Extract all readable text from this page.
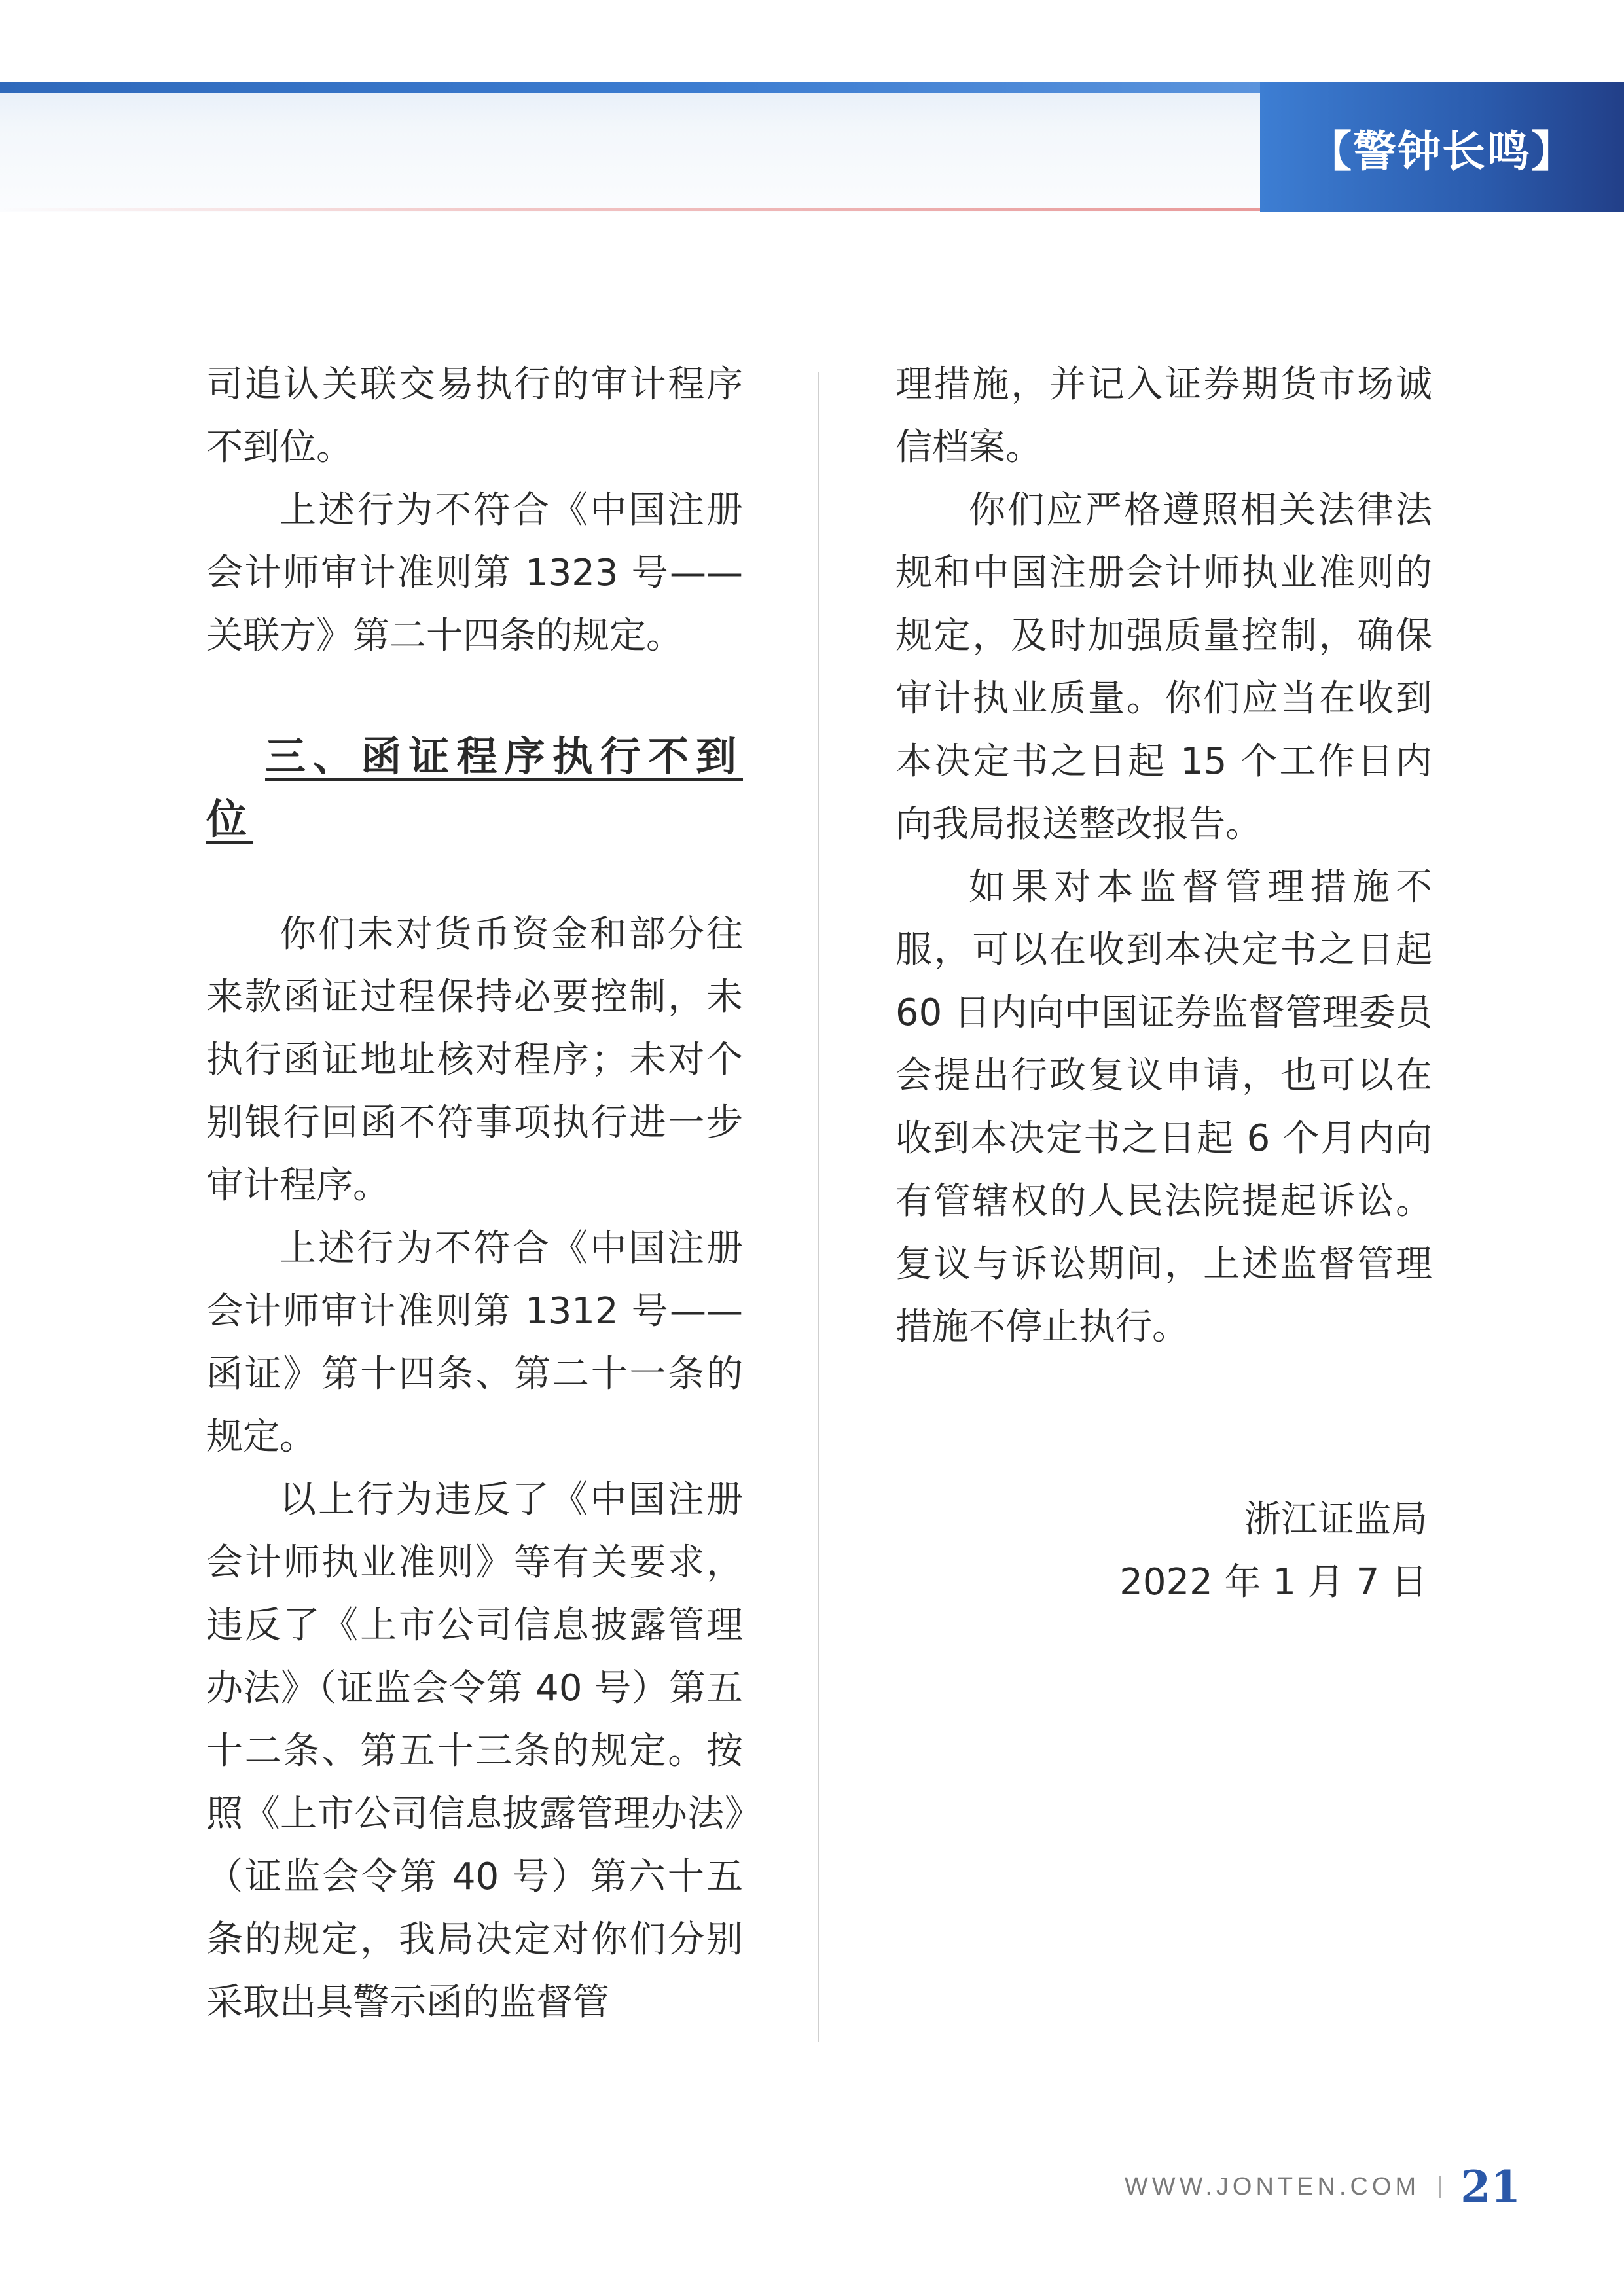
【警钟长鸣】

司追认关联交易执行的审计程序不到位。

上述行为不符合《中国注册会计师审计准则第 1323 号——关联方》第二十四条的规定。

三、函证程序执行不到位

你们未对货币资金和部分往来款函证过程保持必要控制，未执行函证地址核对程序；未对个别银行回函不符事项执行进一步审计程序。

上述行为不符合《中国注册会计师审计准则第 1312 号——函证》第十四条、第二十一条的规定。

以上行为违反了《中国注册会计师执业准则》等有关要求，违反了《上市公司信息披露管理办法》（证监会令第 40 号）第五十二条、第五十三条的规定。按照《上市公司信息披露管理办法》（证监会令第 40 号）第六十五条的规定，我局决定对你们分别采取出具警示函的监督管

理措施，并记入证券期货市场诚信档案。

你们应严格遵照相关法律法规和中国注册会计师执业准则的规定，及时加强质量控制，确保审计执业质量。你们应当在收到本决定书之日起 15 个工作日内向我局报送整改报告。

如果对本监督管理措施不服，可以在收到本决定书之日起 60 日内向中国证券监督管理委员会提出行政复议申请，也可以在收到本决定书之日起 6 个月内向有管辖权的人民法院提起诉讼。复议与诉讼期间，上述监督管理措施不停止执行。

浙江证监局
2022 年 1 月 7 日
WWW.JONTEN.COM 21
